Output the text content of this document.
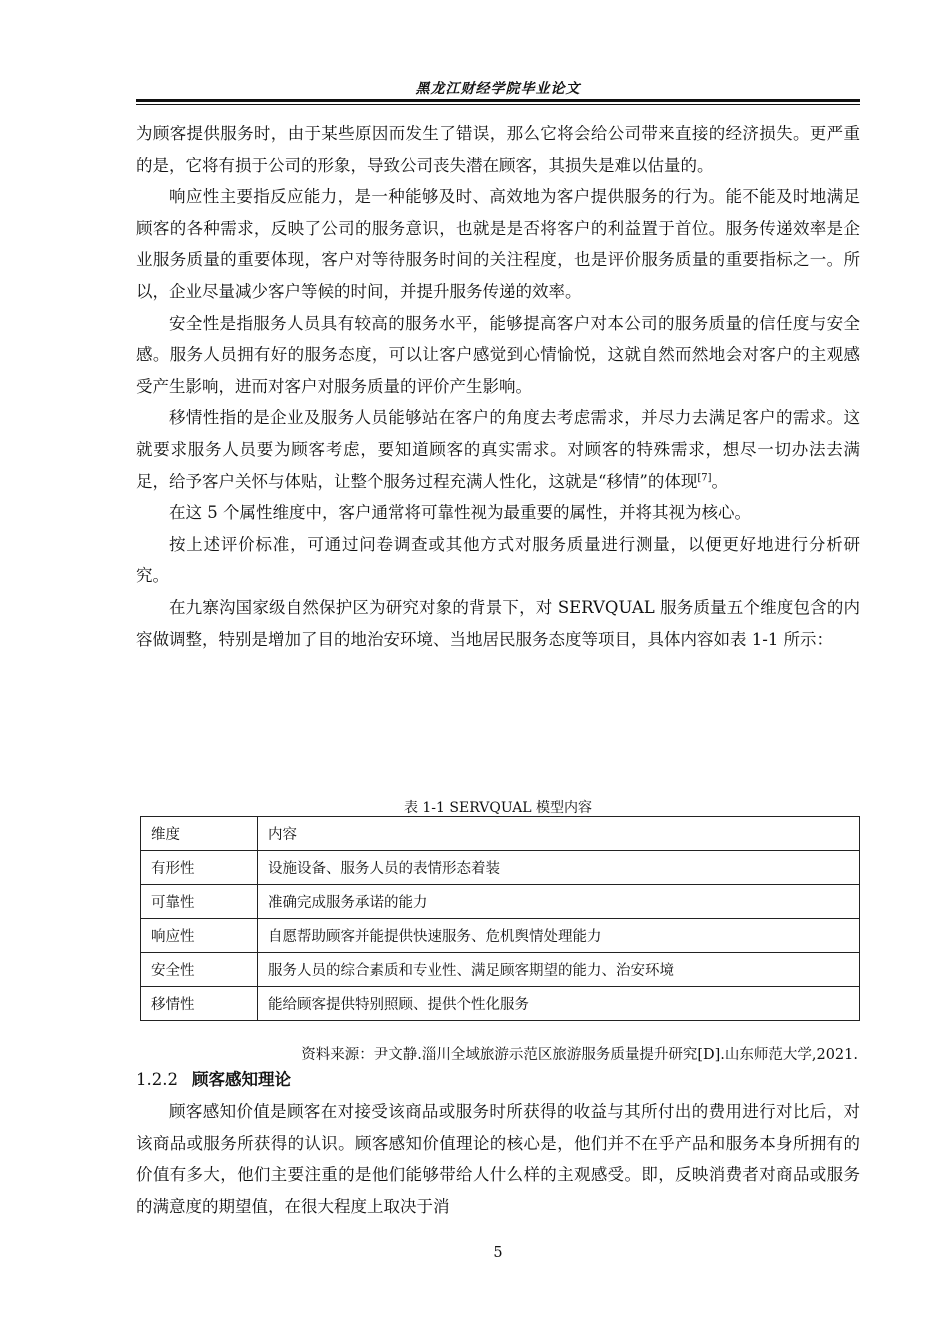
黑龙江财经学院毕业论文

为顾客提供服务时，由于某些原因而发生了错误，那么它将会给公司带来直接的经济损失。更严重的是，它将有损于公司的形象，导致公司丧失潜在顾客，其损失是难以估量的。

响应性主要指反应能力，是一种能够及时、高效地为客户提供服务的行为。能不能及时地满足顾客的各种需求，反映了公司的服务意识，也就是是否将客户的利益置于首位。服务传递效率是企业服务质量的重要体现，客户对等待服务时间的关注程度，也是评价服务质量的重要指标之一。所以，企业尽量减少客户等候的时间，并提升服务传递的效率。

安全性是指服务人员具有较高的服务水平，能够提高客户对本公司的服务质量的信任度与安全感。服务人员拥有好的服务态度，可以让客户感觉到心情愉悦，这就自然而然地会对客户的主观感受产生影响，进而对客户对服务质量的评价产生影响。

移情性指的是企业及服务人员能够站在客户的角度去考虑需求，并尽力去满足客户的需求。这就要求服务人员要为顾客考虑，要知道顾客的真实需求。对顾客的特殊需求，想尽一切办法去满足，给予客户关怀与体贴，让整个服务过程充满人性化，这就是“移情”的体现[7]。

在这 5 个属性维度中，客户通常将可靠性视为最重要的属性，并将其视为核心。

按上述评价标准，可通过问卷调查或其他方式对服务质量进行测量，以便更好地进行分析研究。

在九寨沟国家级自然保护区为研究对象的背景下，对 SERVQUAL 服务质量五个维度包含的内容做调整，特别是增加了目的地治安环境、当地居民服务态度等项目，具体内容如表 1-1 所示：

表 1-1 SERVQUAL 模型内容
维度	内容
有形性	设施设备、服务人员的表情形态着装
可靠性	准确完成服务承诺的能力
响应性	自愿帮助顾客并能提供快速服务、危机舆情处理能力
安全性	服务人员的综合素质和专业性、满足顾客期望的能力、治安环境
移情性	能给顾客提供特别照顾、提供个性化服务
资料来源：尹文静.淄川全域旅游示范区旅游服务质量提升研究[D].山东师范大学,2021.
1.2.2 顾客感知理论

顾客感知价值是顾客在对接受该商品或服务时所获得的收益与其所付出的费用进行对比后，对该商品或服务所获得的认识。顾客感知价值理论的核心是，他们并不在乎产品和服务本身所拥有的价值有多大，他们主要注重的是他们能够带给人什么样的主观感受。即，反映消费者对商品或服务的满意度的期望值，在很大程度上取决于消

5
